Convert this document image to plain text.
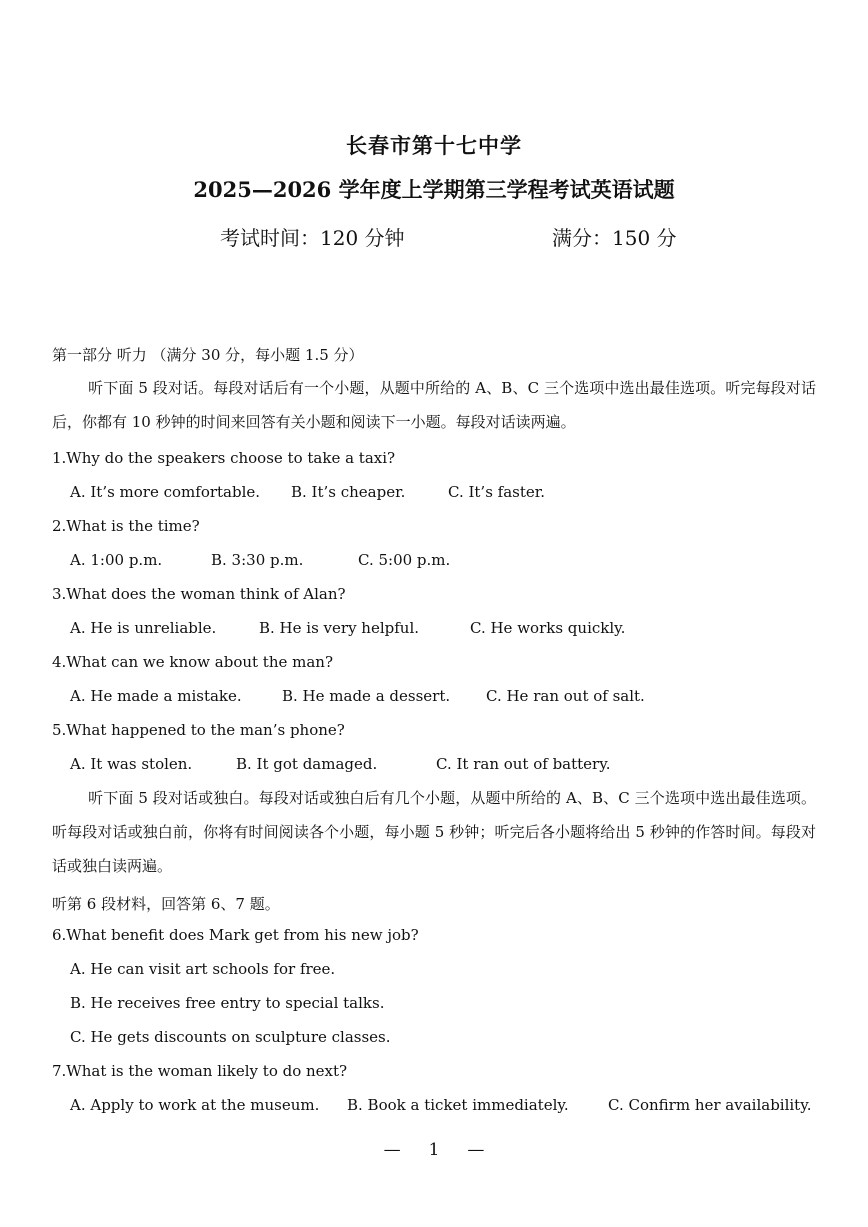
长春市第十七中学
2025—2026 学年度上学期第三学程考试英语试题
考试时间：120 分钟	满分：150 分
第一部分 听力 （满分 30 分，每小题 1.5 分）
听下面 5 段对话。每段对话后有一个小题，从题中所给的 A、B、C 三个选项中选出最佳选项。听完每段对话后，你都有 10 秒钟的时间来回答有关小题和阅读下一小题。每段对话读两遍。
1.Why do the speakers choose to take a taxi?
A. It’s more comfortable. B. It’s cheaper.	C. It’s faster.
2.What is the time?
A. 1:00 p.m.	B. 3:30 p.m.	C. 5:00 p.m.
3.What does the woman think of Alan?
A. He is unreliable.	B. He is very helpful.	C. He works quickly.
4.What can we know about the man?
A. He made a mistake.	B. He made a dessert. C. He ran out of salt.
5.What happened to the man’s phone?
A. It was stolen.	B. It got damaged.	C. It ran out of battery.
听下面 5 段对话或独白。每段对话或独白后有几个小题，从题中所给的 A、B、C 三个选项中选出最佳选项。听每段对话或独白前，你将有时间阅读各个小题，每小题 5 秒钟；听完后各小题将给出 5 秒钟的作答时间。每段对话或独白读两遍。
听第 6 段材料，回答第 6、7 题。
6.What benefit does Mark get from his new job?
A. He can visit art schools for free.
B. He receives free entry to special talks.
C. He gets discounts on sculpture classes.
7.What is the woman likely to do next?
A. Apply to work at the museum. B. Book a ticket immediately.	C. Confirm her availability.
— 1 —
